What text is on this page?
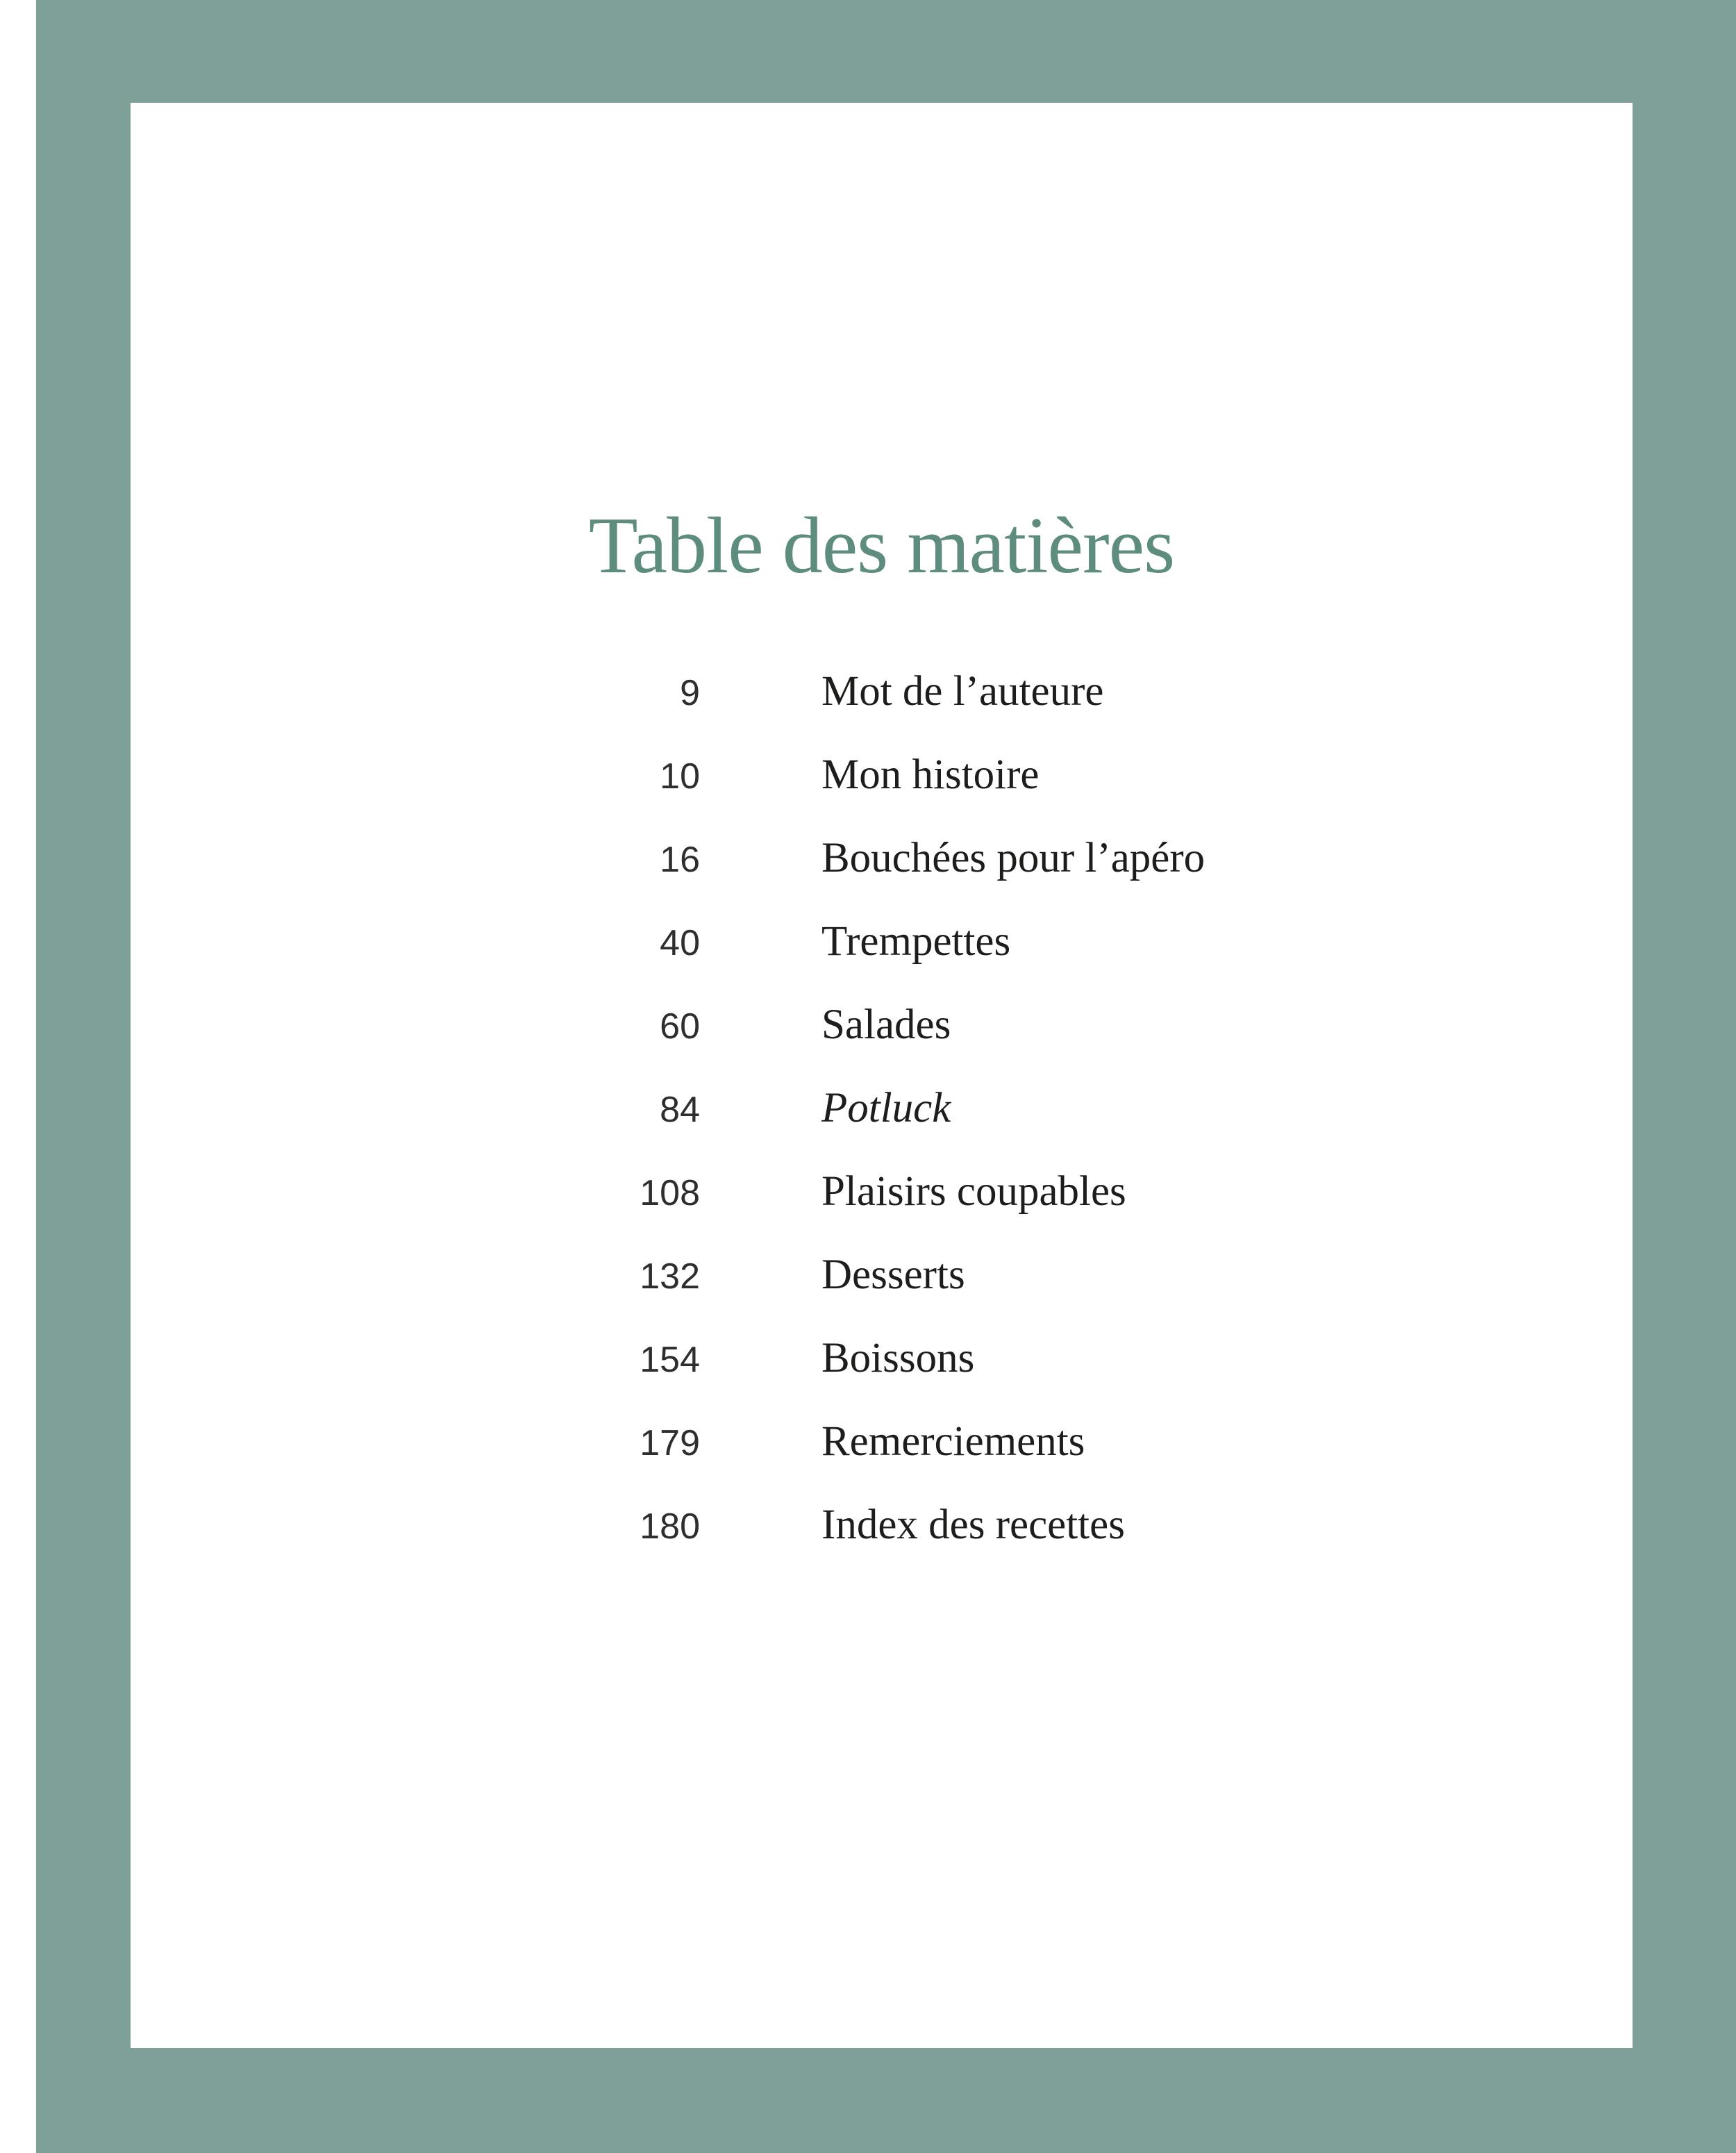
Table des matières
9	Mot de l’auteure
10	Mon histoire
16	Bouchées pour l’apéro
40	Trempettes
60	Salades
84	Potluck
108	Plaisirs coupables
132	Desserts
154	Boissons
179	Remerciements
180	Index des recettes
